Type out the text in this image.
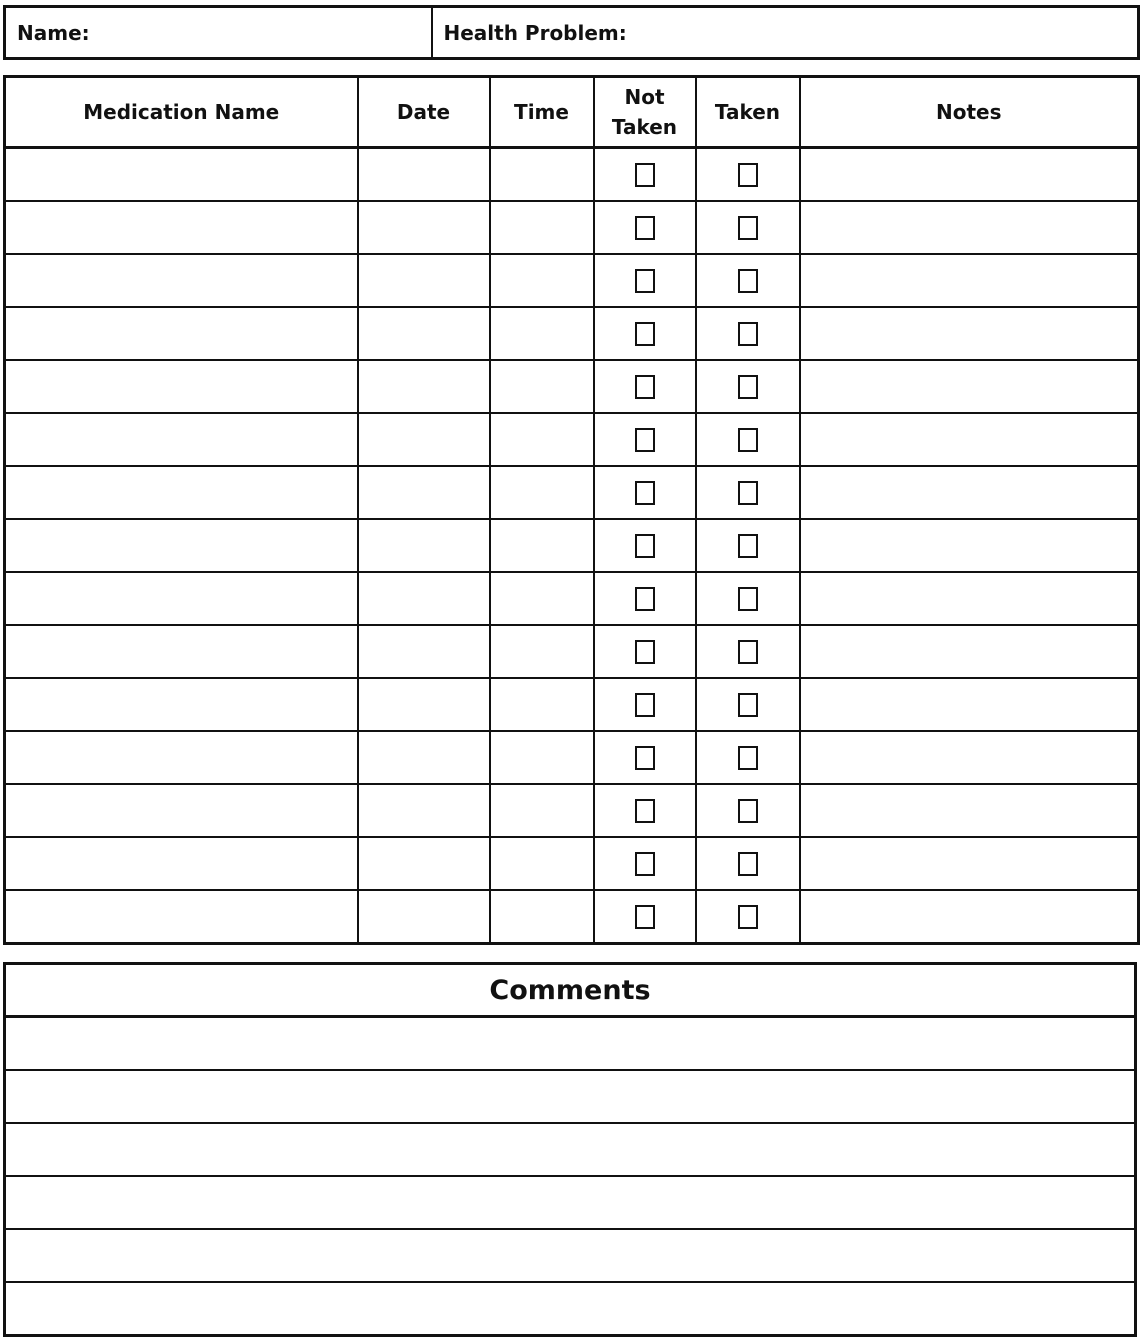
Name:	Health Problem:
Medication Name	Date	Time	Not Taken	Taken	Notes

Comments
